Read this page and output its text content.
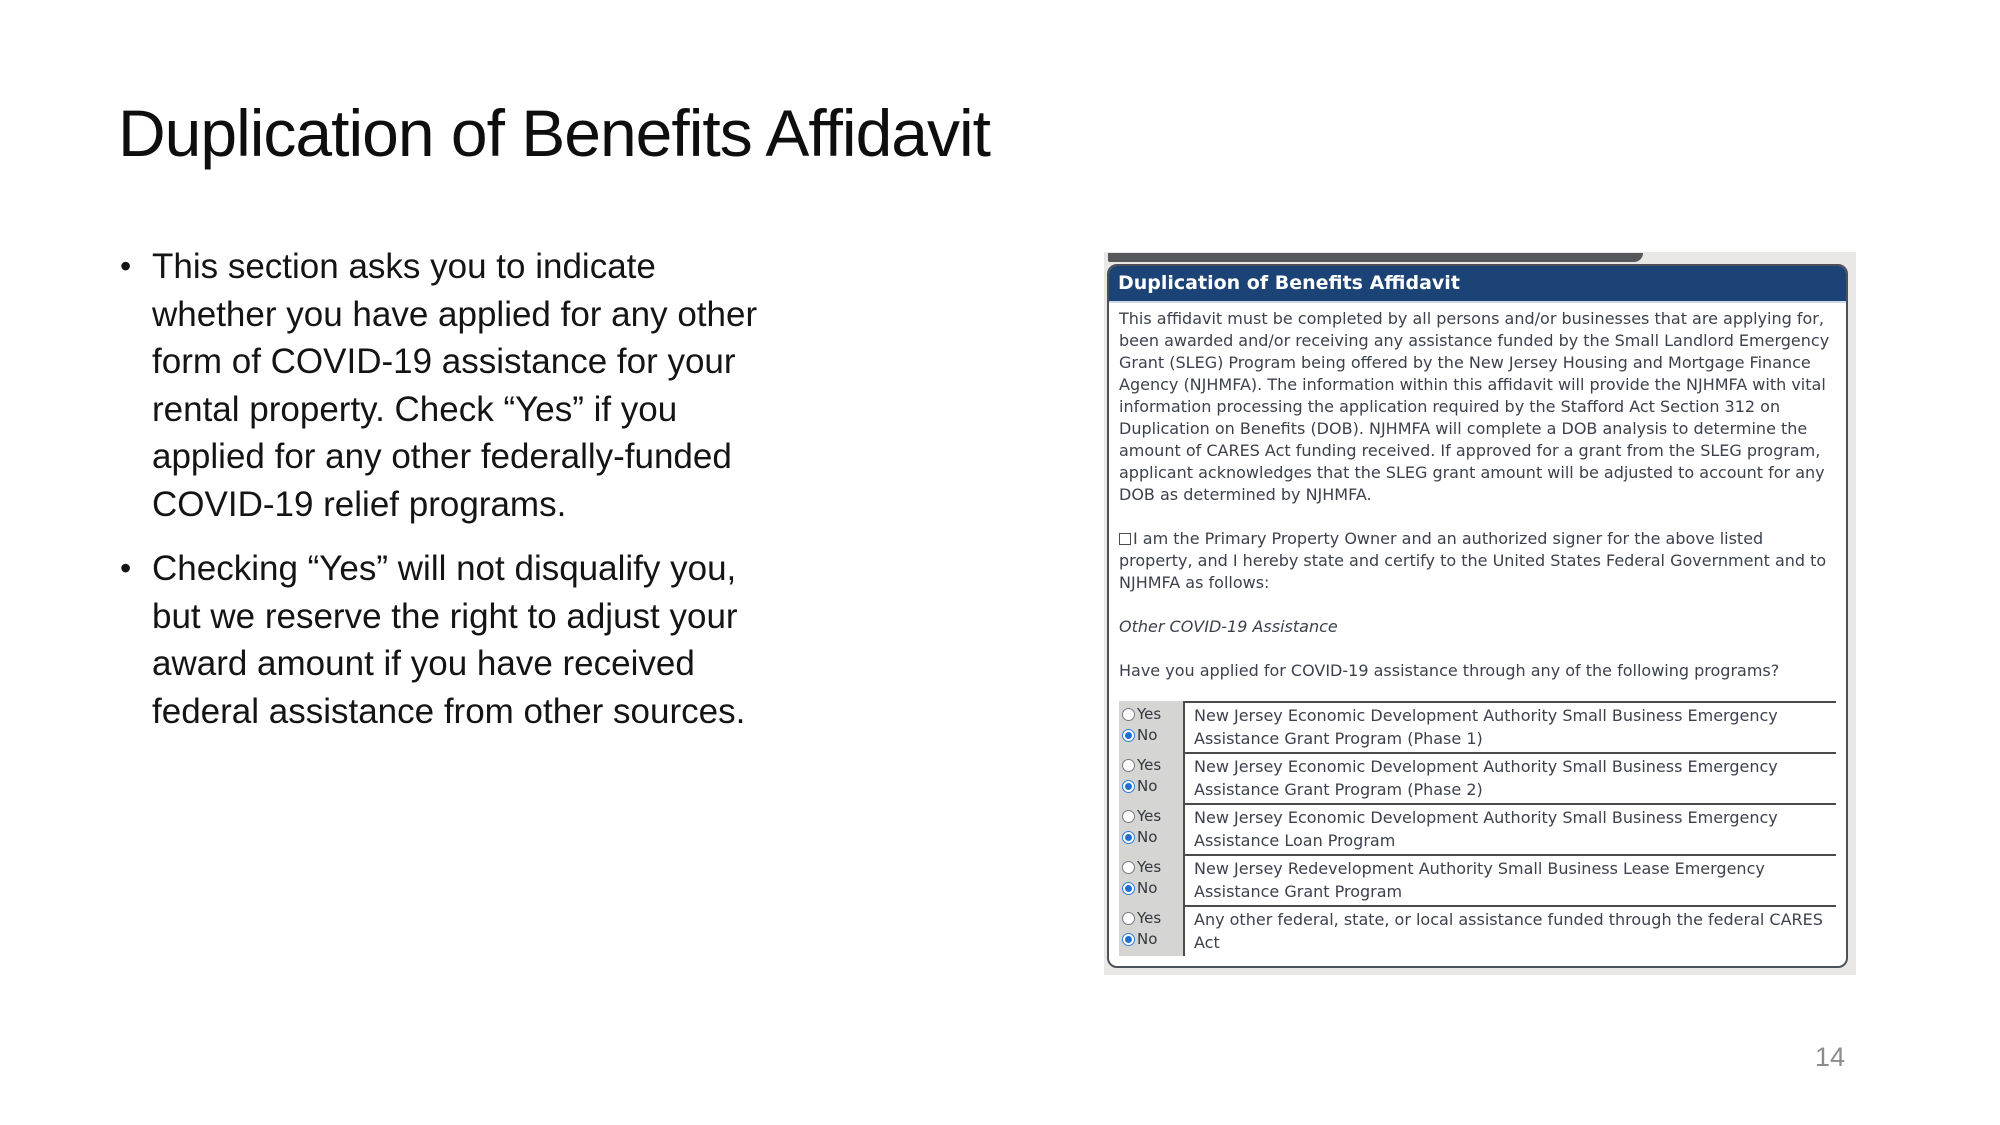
Duplication of Benefits Affidavit
• This section asks you to indicate whether you have applied for any other form of COVID-19 assistance for your rental property. Check “Yes” if you applied for any other federally-funded COVID-19 relief programs.
• Checking “Yes” will not disqualify you, but we reserve the right to adjust your award amount if you have received federal assistance from other sources.
Duplication of Benefits Affidavit

This affidavit must be completed by all persons and/or businesses that are applying for, been awarded and/or receiving any assistance funded by the Small Landlord Emergency Grant (SLEG) Program being offered by the New Jersey Housing and Mortgage Finance Agency (NJHMFA). The information within this affidavit will provide the NJHMFA with vital information processing the application required by the Stafford Act Section 312 on Duplication on Benefits (DOB). NJHMFA will complete a DOB analysis to determine the amount of CARES Act funding received. If approved for a grant from the SLEG program, applicant acknowledges that the SLEG grant amount will be adjusted to account for any DOB as determined by NJHMFA.

I am the Primary Property Owner and an authorized signer for the above listed property, and I hereby state and certify to the United States Federal Government and to NJHMFA as follows:

Other COVID-19 Assistance

Have you applied for COVID-19 assistance through any of the following programs?

Yes
No
New Jersey Economic Development Authority Small Business Emergency Assistance Grant Program (Phase 1)
Yes
No
New Jersey Economic Development Authority Small Business Emergency Assistance Grant Program (Phase 2)
Yes
No
New Jersey Economic Development Authority Small Business Emergency Assistance Loan Program
Yes
No
New Jersey Redevelopment Authority Small Business Lease Emergency Assistance Grant Program
Yes
No
Any other federal, state, or local assistance funded through the federal CARES Act
14
